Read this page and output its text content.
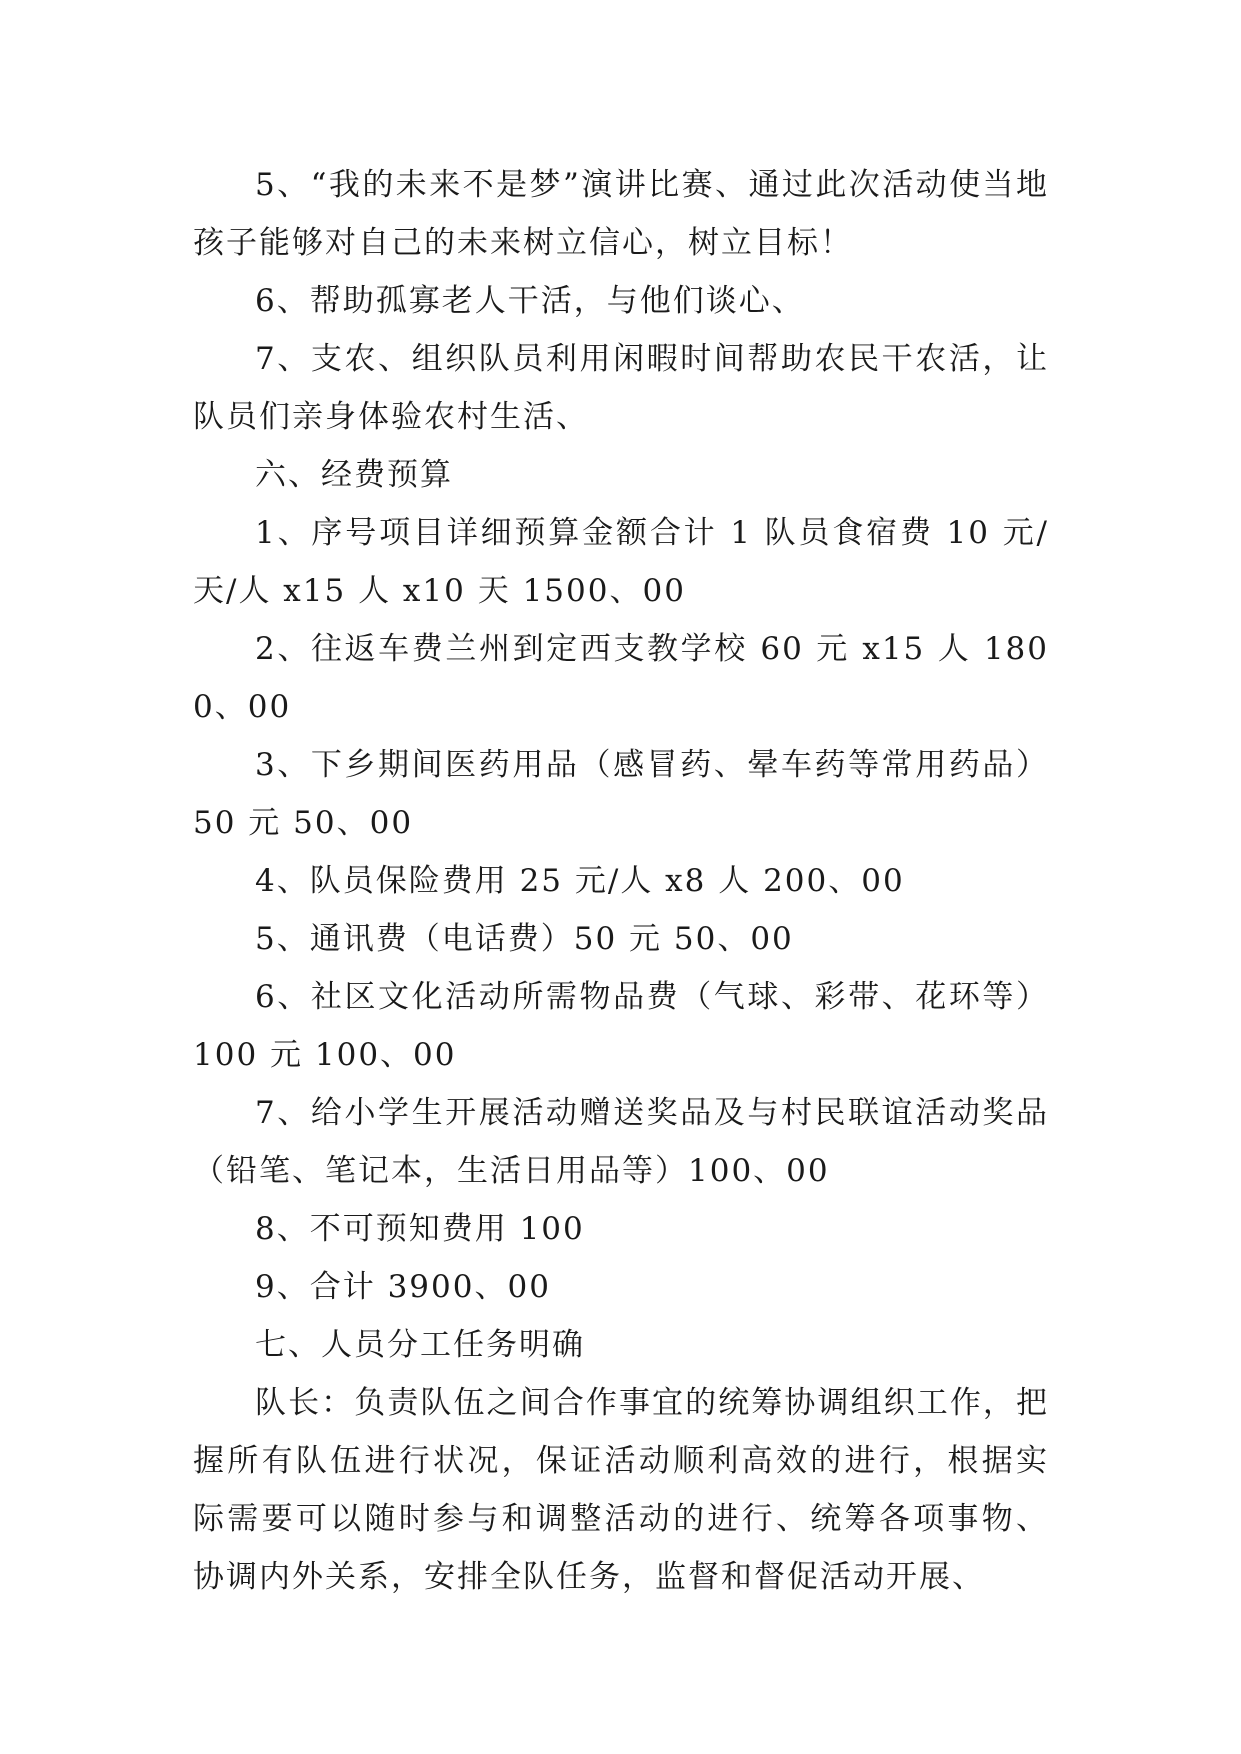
5、“我的未来不是梦”演讲比赛、通过此次活动使当地孩子能够对自己的未来树立信心，树立目标！

6、帮助孤寡老人干活，与他们谈心、

7、支农、组织队员利用闲暇时间帮助农民干农活，让队员们亲身体验农村生活、

六、经费预算

1、序号项目详细预算金额合计 1 队员食宿费 10 元/天/人 x15 人 x10 天 1500、00

2、往返车费兰州到定西支教学校 60 元 x15 人 1800、00

3、下乡期间医药用品（感冒药、晕车药等常用药品）50 元 50、00

4、队员保险费用 25 元/人 x8 人 200、00

5、通讯费（电话费）50 元 50、00

6、社区文化活动所需物品费（气球、彩带、花环等）100 元 100、00

7、给小学生开展活动赠送奖品及与村民联谊活动奖品（铅笔、笔记本，生活日用品等）100、00

8、不可预知费用 100

9、合计 3900、00

七、人员分工任务明确

队长：负责队伍之间合作事宜的统筹协调组织工作，把握所有队伍进行状况，保证活动顺利高效的进行，根据实际需要可以随时参与和调整活动的进行、统筹各项事物、协调内外关系，安排全队任务，监督和督促活动开展、
